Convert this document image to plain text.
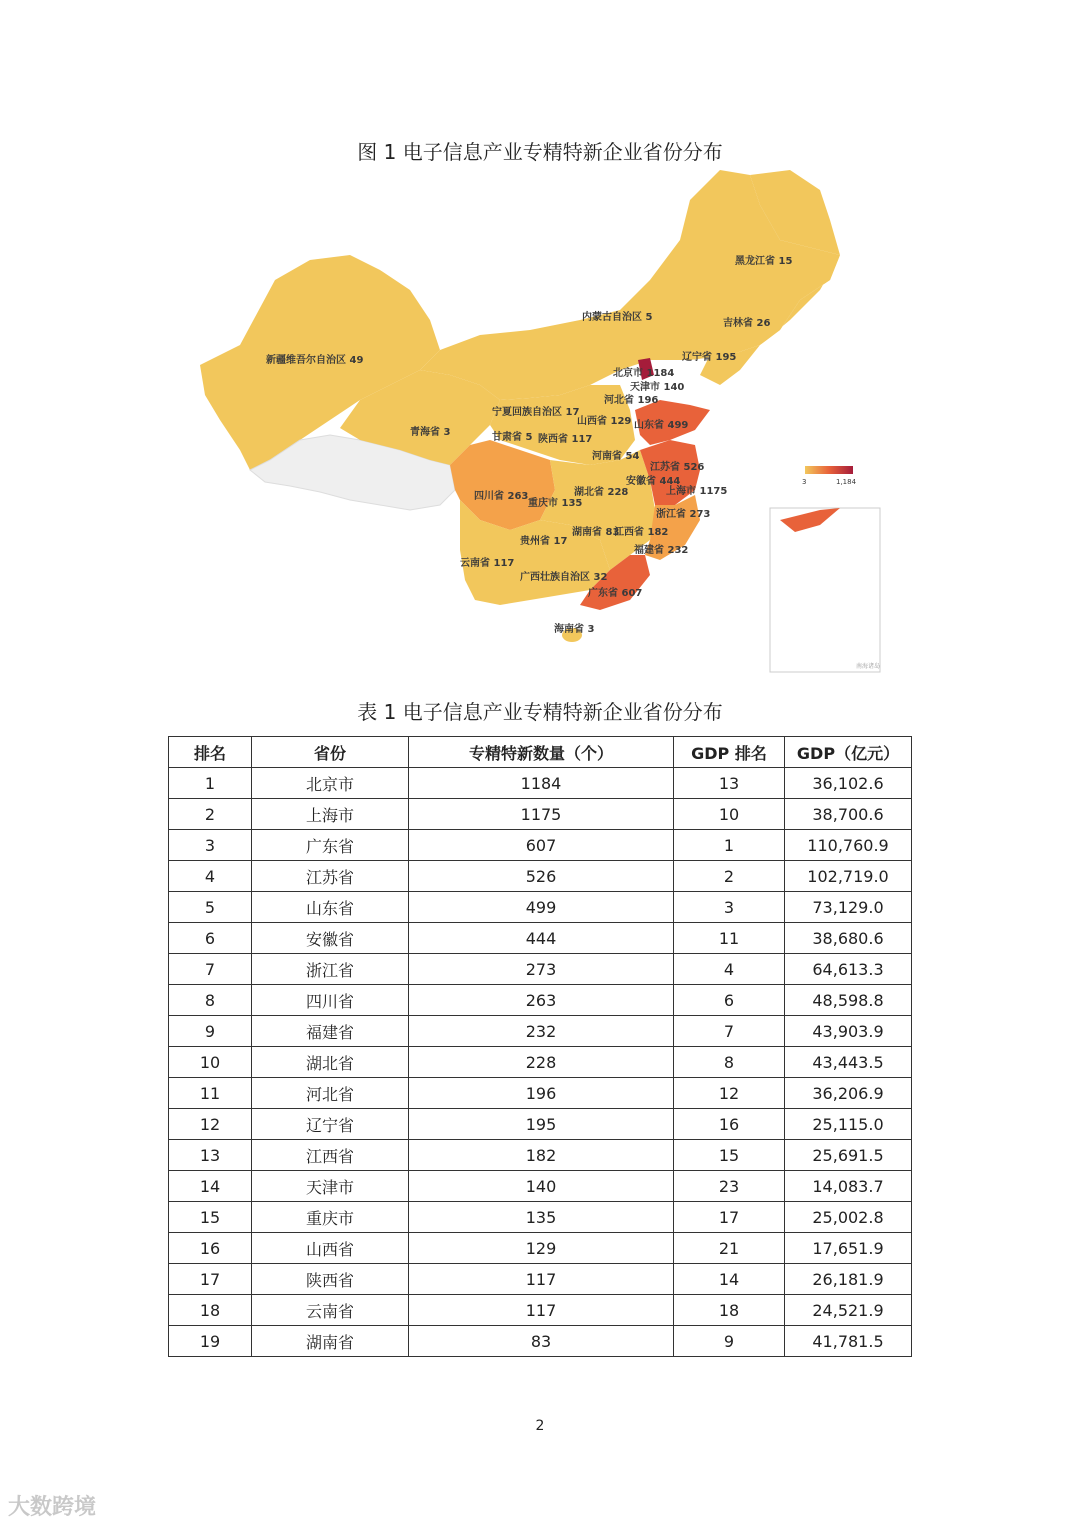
图 1 电子信息产业专精特新企业省份分布
3	1,184
南海诸岛
黑龙江省 15
内蒙古自治区 5
吉林省 26
新疆维吾尔自治区 49	辽宁省 195
北京市 1184
天津市 140
河北省 196
宁夏回族自治区 17
山西省 129 山东省 499
青海省 3	甘肃省 5 陕西省 117
河南省 54
江苏省 526
安徽省 444
四川省 263
重庆市 135
湖北省 228	上海市 1175
浙江省 273
湖南省 83
江西省 182
贵州省 17
福建省 232
云南省 117
广西壮族自治区 32
广东省 607
海南省 3
表 1 电子信息产业专精特新企业省份分布
排名	省份	专精特新数量（个）	GDP 排名	GDP（亿元）
1	北京市	1184	13	36,102.6
2	上海市	1175	10	38,700.6
3	广东省	607	1	110,760.9
4	江苏省	526	2	102,719.0
5	山东省	499	3	73,129.0
6	安徽省	444	11	38,680.6
7	浙江省	273	4	64,613.3
8	四川省	263	6	48,598.8
9	福建省	232	7	43,903.9
10	湖北省	228	8	43,443.5
11	河北省	196	12	36,206.9
12	辽宁省	195	16	25,115.0
13	江西省	182	15	25,691.5
14	天津市	140	23	14,083.7
15	重庆市	135	17	25,002.8
16	山西省	129	21	17,651.9
17	陕西省	117	14	26,181.9
18	云南省	117	18	24,521.9
19	湖南省	83	9	41,781.5
2
大数跨境
